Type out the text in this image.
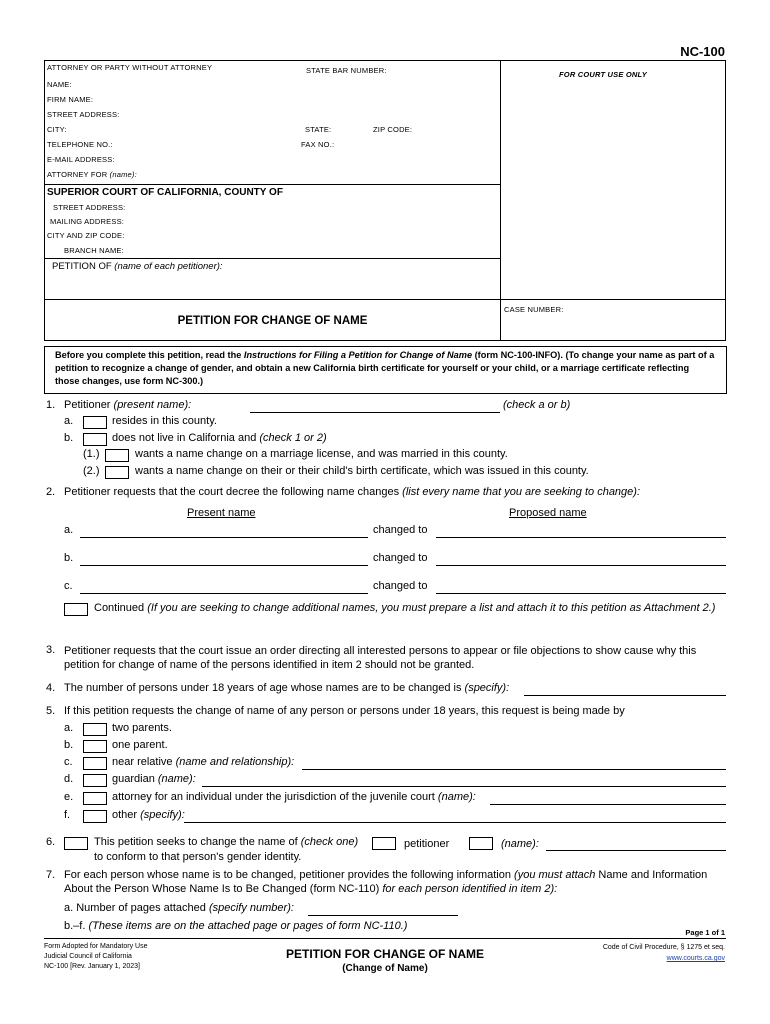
NC-100
ATTORNEY OR PARTY WITHOUT ATTORNEY	STATE BAR NUMBER:	FOR COURT USE ONLY
NAME:
FIRM NAME:
STREET ADDRESS:
CITY:	STATE:	ZIP CODE:
TELEPHONE NO.:	FAX NO.:
E-MAIL ADDRESS:
ATTORNEY FOR (name):
SUPERIOR COURT OF CALIFORNIA, COUNTY OF
STREET ADDRESS:
MAILING ADDRESS:
CITY AND ZIP CODE:
BRANCH NAME:
PETITION OF (name of each petitioner):
CASE NUMBER:
PETITION FOR CHANGE OF NAME
Before you complete this petition, read the Instructions for Filing a Petition for Change of Name (form NC-100-INFO). (To change your name as part of a petition to recognize a change of gender, and obtain a new California birth certificate for yourself or your child, or a marriage certificate reflecting those changes, use form NC-300.)
1. Petitioner (present name):	(check a or b)
a.	resides in this county.
b.	does not live in California and (check 1 or 2)
(1.)	wants a name change on a marriage license, and was married in this county.
(2.)	wants a name change on their or their child's birth certificate, which was issued in this county.
2. Petitioner requests that the court decree the following name changes (list every name that you are seeking to change):
Present name	Proposed name
a.	changed to
b.	changed to
c.	changed to
Continued (If you are seeking to change additional names, you must prepare a list and attach it to this petition as Attachment 2.)
3. Petitioner requests that the court issue an order directing all interested persons to appear or file objections to show cause why this petition for change of name of the persons identified in item 2 should not be granted.
4. The number of persons under 18 years of age whose names are to be changed is (specify):
5. If this petition requests the change of name of any person or persons under 18 years, this request is being made by
a.	two parents.
b.	one parent.
c.	near relative (name and relationship):
d.	guardian (name):
e.	attorney for an individual under the jurisdiction of the juvenile court (name):
f.	other (specify):
6.	This petition seeks to change the name of (check one)	petitioner	(name):
to conform to that person's gender identity.
7. For each person whose name is to be changed, petitioner provides the following information (you must attach Name and Information About the Person Whose Name Is to Be Changed (form NC-110) for each person identified in item 2):
a. Number of pages attached (specify number):
b.–f. (These items are on the attached page or pages of form NC-110.)
Page 1 of 1
Form Adopted for Mandatory Use
Judicial Council of California
NC-100 [Rev. January 1, 2023]
PETITION FOR CHANGE OF NAME
(Change of Name)
Code of Civil Procedure, § 1275 et seq.
www.courts.ca.gov
